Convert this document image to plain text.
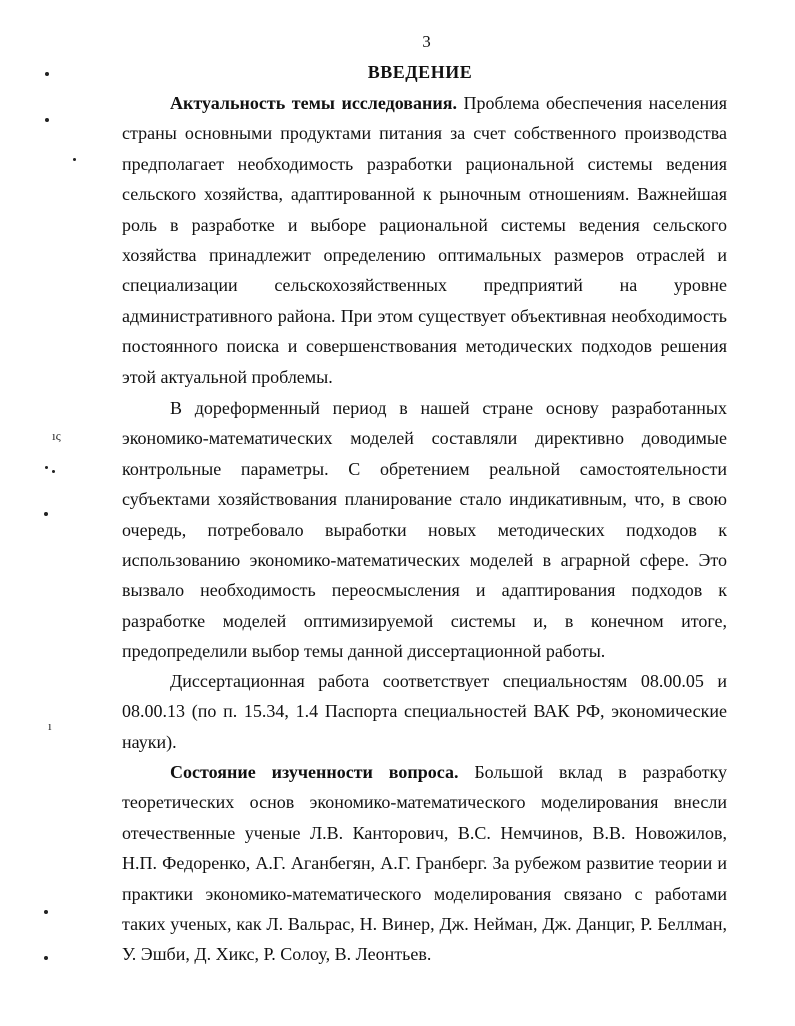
3
ВВЕДЕНИЕ

Актуальность темы исследования. Проблема обеспечения населения страны основными продуктами питания за счет собственного производства предполагает необходимость разработки рациональной системы ведения сельского хозяйства, адаптированной к рыночным отношениям. Важнейшая роль в разработке и выборе рациональной системы ведения сельского хозяйства принадлежит определению оптимальных размеров отраслей и специализации сельскохозяйственных предприятий на уровне административного района. При этом существует объективная необходимость постоянного поиска и совершенствования методических подходов решения этой актуальной проблемы.

В дореформенный период в нашей стране основу разработанных экономико-математических моделей составляли директивно доводимые контрольные параметры. С обретением реальной самостоятельности субъектами хозяйствования планирование стало индикативным, что, в свою очередь, потребовало выработки новых методических подходов к использованию экономико-математических моделей в аграрной сфере. Это вызвало необходимость переосмысления и адаптирования подходов к разработке моделей оптимизируемой системы и, в конечном итоге, предопределили выбор темы данной диссертационной работы.

Диссертационная работа соответствует специальностям 08.00.05 и 08.00.13 (по п. 15.34, 1.4 Паспорта специальностей ВАК РФ, экономические науки).

Состояние изученности вопроса. Большой вклад в разработку теоретических основ экономико-математического моделирования внесли отечественные ученые Л.В. Канторович, В.С. Немчинов, В.В. Новожилов, Н.П. Федоренко, А.Г. Аганбегян, А.Г. Гранберг. За рубежом развитие теории и практики экономико-математического моделирования связано с работами таких ученых, как Л. Вальрас, Н. Винер, Дж. Нейман, Дж. Данциг, Р. Беллман, У. Эшби, Д. Хикс, Р. Солоу, В. Леонтьев.

ıς
ı
